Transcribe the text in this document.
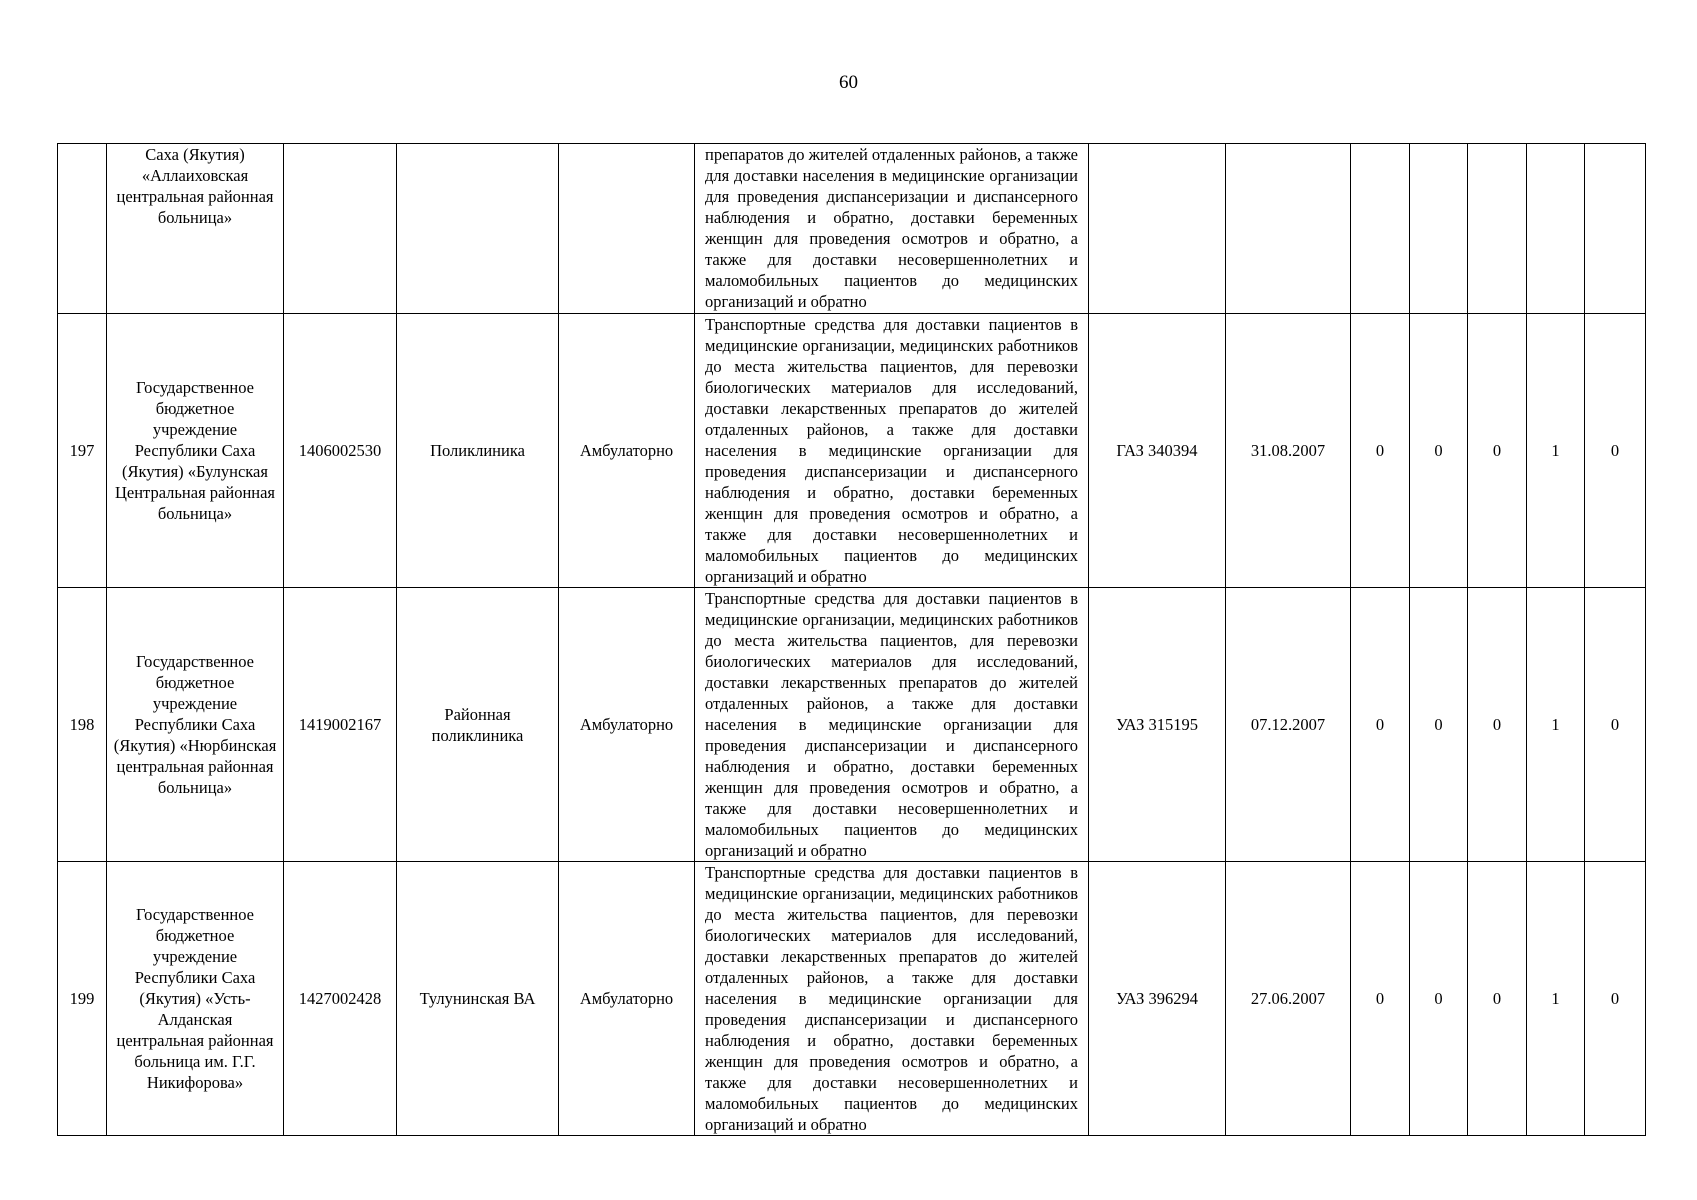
60
	Саха (Якутия) «Аллаиховская центральная районная больница»				препаратов до жителей отдаленных районов, а также для доставки населения в медицинские организации для проведения диспансеризации и диспансерного наблюдения и обратно, доставки беременных женщин для проведения осмотров и обратно, а также для доставки несовершеннолетних и маломобильных пациентов до медицинских организаций и обратно							
197	Государственное бюджетное учреждение Республики Саха (Якутия) «Булунская Центральная районная больница»	1406002530	Поликлиника	Амбулаторно	Транспортные средства для доставки пациентов в медицинские организации, медицинских работников до места жительства пациентов, для перевозки биологических материалов для исследований, доставки лекарственных препаратов до жителей отдаленных районов, а также для доставки населения в медицинские организации для проведения диспансеризации и диспансерного наблюдения и обратно, доставки беременных женщин для проведения осмотров и обратно, а также для доставки несовершеннолетних и маломобильных пациентов до медицинских организаций и обратно	ГАЗ 340394	31.08.2007	0	0	0	1	0
198	Государственное бюджетное учреждение Республики Саха (Якутия) «Нюрбинская центральная районная больница»	1419002167	Районная поликлиника	Амбулаторно	Транспортные средства для доставки пациентов в медицинские организации, медицинских работников до места жительства пациентов, для перевозки биологических материалов для исследований, доставки лекарственных препаратов до жителей отдаленных районов, а также для доставки населения в медицинские организации для проведения диспансеризации и диспансерного наблюдения и обратно, доставки беременных женщин для проведения осмотров и обратно, а также для доставки несовершеннолетних и маломобильных пациентов до медицинских организаций и обратно	УАЗ 315195	07.12.2007	0	0	0	1	0
199	Государственное бюджетное учреждение Республики Саха (Якутия) «Усть-Алданская центральная районная больница им. Г.Г. Никифорова»	1427002428	Тулунинская ВА	Амбулаторно	Транспортные средства для доставки пациентов в медицинские организации, медицинских работников до места жительства пациентов, для перевозки биологических материалов для исследований, доставки лекарственных препаратов до жителей отдаленных районов, а также для доставки населения в медицинские организации для проведения диспансеризации и диспансерного наблюдения и обратно, доставки беременных женщин для проведения осмотров и обратно, а также для доставки несовершеннолетних и маломобильных пациентов до медицинских организаций и обратно	УАЗ 396294	27.06.2007	0	0	0	1	0
